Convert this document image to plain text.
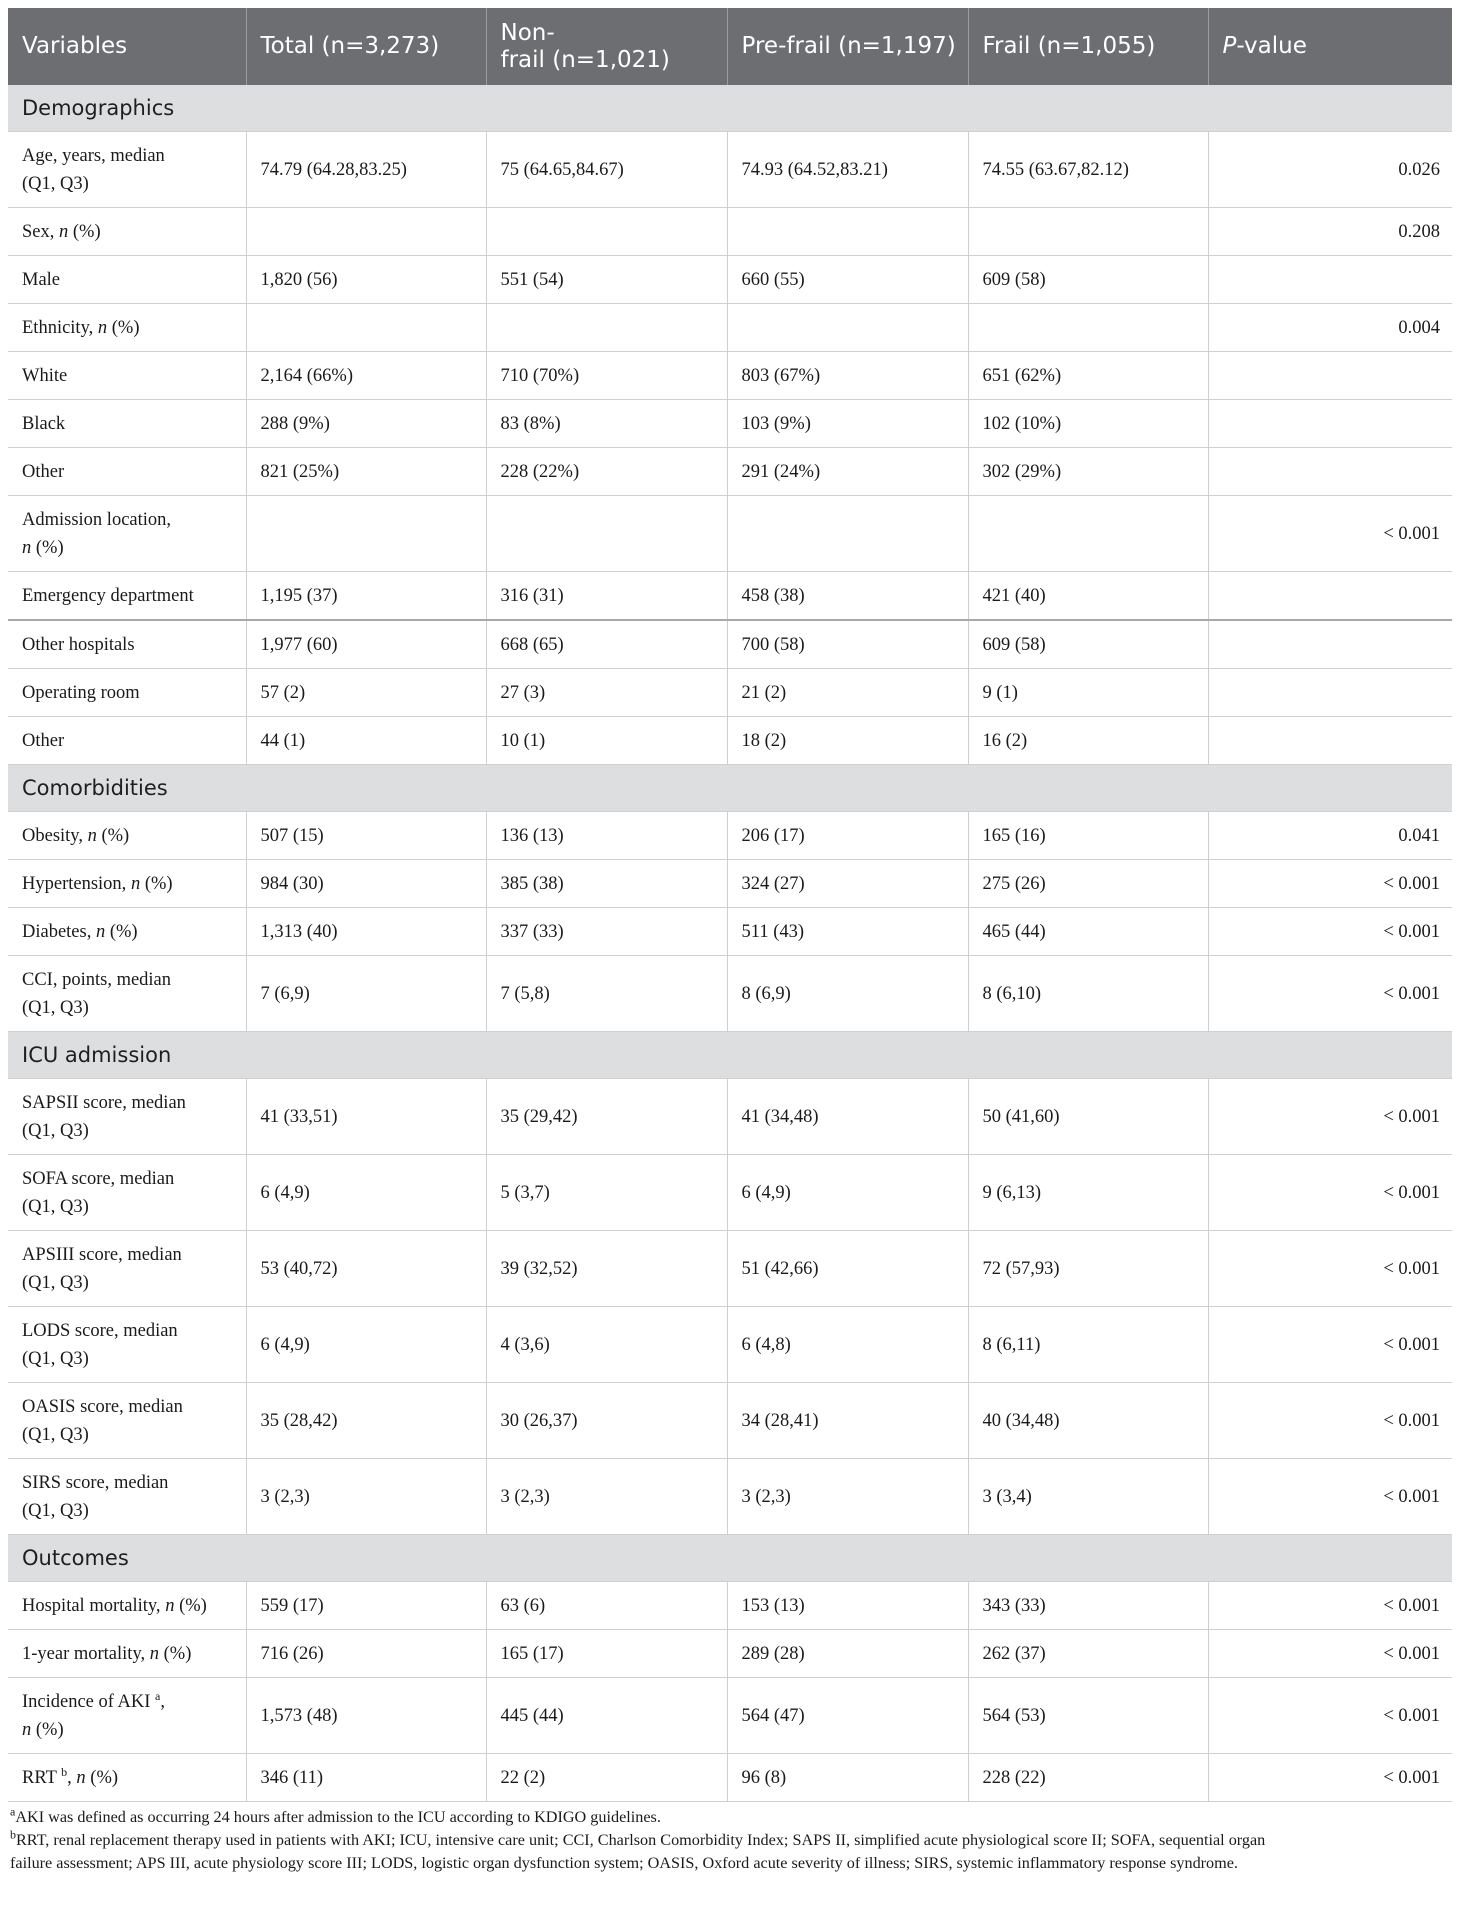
Variables	Total (n=3,273)	Non-
frail (n=1,021)	Pre-frail (n=1,197)	Frail (n=1,055)	P-value
Demographics					
Age, years, median
(Q1, Q3)	74.79 (64.28,83.25)	75 (64.65,84.67)	74.93 (64.52,83.21)	74.55 (63.67,82.12)	0.026
Sex, n (%)					0.208
Male	1,820 (56)	551 (54)	660 (55)	609 (58)	
Ethnicity, n (%)					0.004
White	2,164 (66%)	710 (70%)	803 (67%)	651 (62%)	
Black	288 (9%)	83 (8%)	103 (9%)	102 (10%)	
Other	821 (25%)	228 (22%)	291 (24%)	302 (29%)	
Admission location,
n (%)					< 0.001
Emergency department	1,195 (37)	316 (31)	458 (38)	421 (40)	
Other hospitals	1,977 (60)	668 (65)	700 (58)	609 (58)	
Operating room	57 (2)	27 (3)	21 (2)	9 (1)	
Other	44 (1)	10 (1)	18 (2)	16 (2)	
Comorbidities					
Obesity, n (%)	507 (15)	136 (13)	206 (17)	165 (16)	0.041
Hypertension, n (%)	984 (30)	385 (38)	324 (27)	275 (26)	< 0.001
Diabetes, n (%)	1,313 (40)	337 (33)	511 (43)	465 (44)	< 0.001
CCI, points, median
(Q1, Q3)	7 (6,9)	7 (5,8)	8 (6,9)	8 (6,10)	< 0.001
ICU admission					
SAPSII score, median
(Q1, Q3)	41 (33,51)	35 (29,42)	41 (34,48)	50 (41,60)	< 0.001
SOFA score, median
(Q1, Q3)	6 (4,9)	5 (3,7)	6 (4,9)	9 (6,13)	< 0.001
APSIII score, median
(Q1, Q3)	53 (40,72)	39 (32,52)	51 (42,66)	72 (57,93)	< 0.001
LODS score, median
(Q1, Q3)	6 (4,9)	4 (3,6)	6 (4,8)	8 (6,11)	< 0.001
OASIS score, median
(Q1, Q3)	35 (28,42)	30 (26,37)	34 (28,41)	40 (34,48)	< 0.001
SIRS score, median
(Q1, Q3)	3 (2,3)	3 (2,3)	3 (2,3)	3 (3,4)	< 0.001
Outcomes					
Hospital mortality, n (%)	559 (17)	63 (6)	153 (13)	343 (33)	< 0.001
1-year mortality, n (%)	716 (26)	165 (17)	289 (28)	262 (37)	< 0.001
Incidence of AKI $^a$,
n (%)	1,573 (48)	445 (44)	564 (47)	564 (53)	< 0.001
RRT $^b$, n (%)	346 (11)	22 (2)	96 (8)	228 (22)	< 0.001
$^a$AKI was defined as occurring 24 hours after admission to the ICU according to KDIGO guidelines.
$^b$RRT, renal replacement therapy used in patients with AKI; ICU, intensive care unit; CCI, Charlson Comorbidity Index; SAPS II, simplified acute physiological score II; SOFA, sequential organ
failure assessment; APS III, acute physiology score III; LODS, logistic organ dysfunction system; OASIS, Oxford acute severity of illness; SIRS, systemic inflammatory response syndrome.
